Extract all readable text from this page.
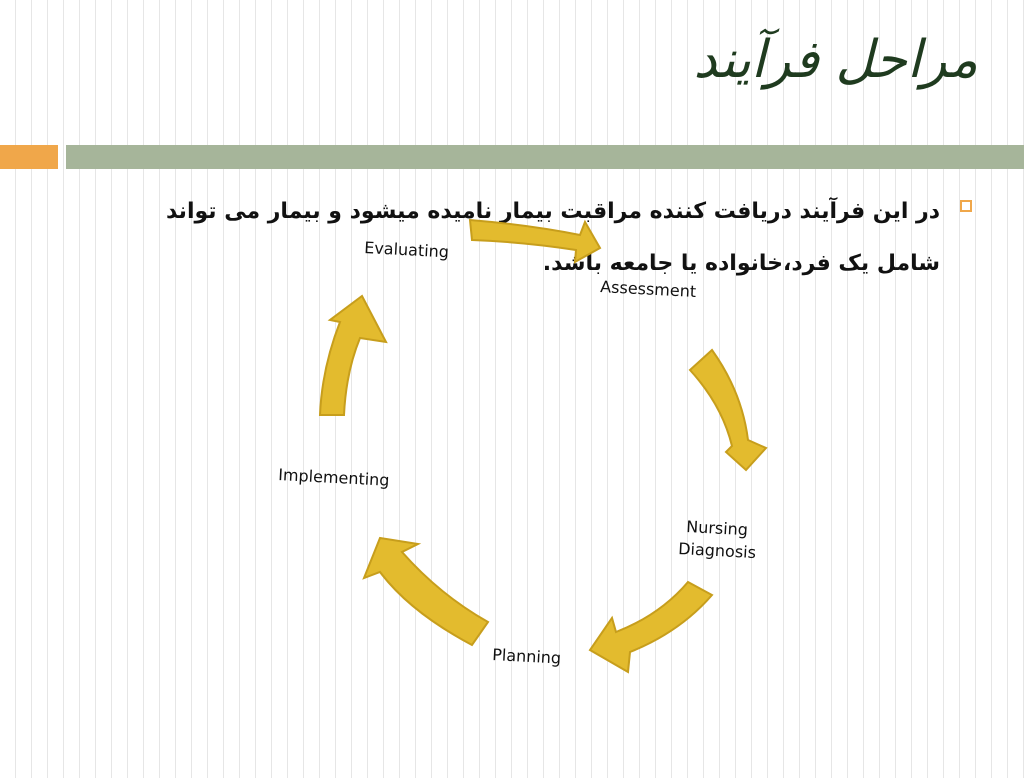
مراحل فرآیند
در این فرآیند دریافت کننده مراقبت بیمار نامیده میشود و بیمار می تواند شامل یک فرد،خانواده یا جامعه باشد.
Assessment
Nursing
Diagnosis
Planning
Implementing
Evaluating
